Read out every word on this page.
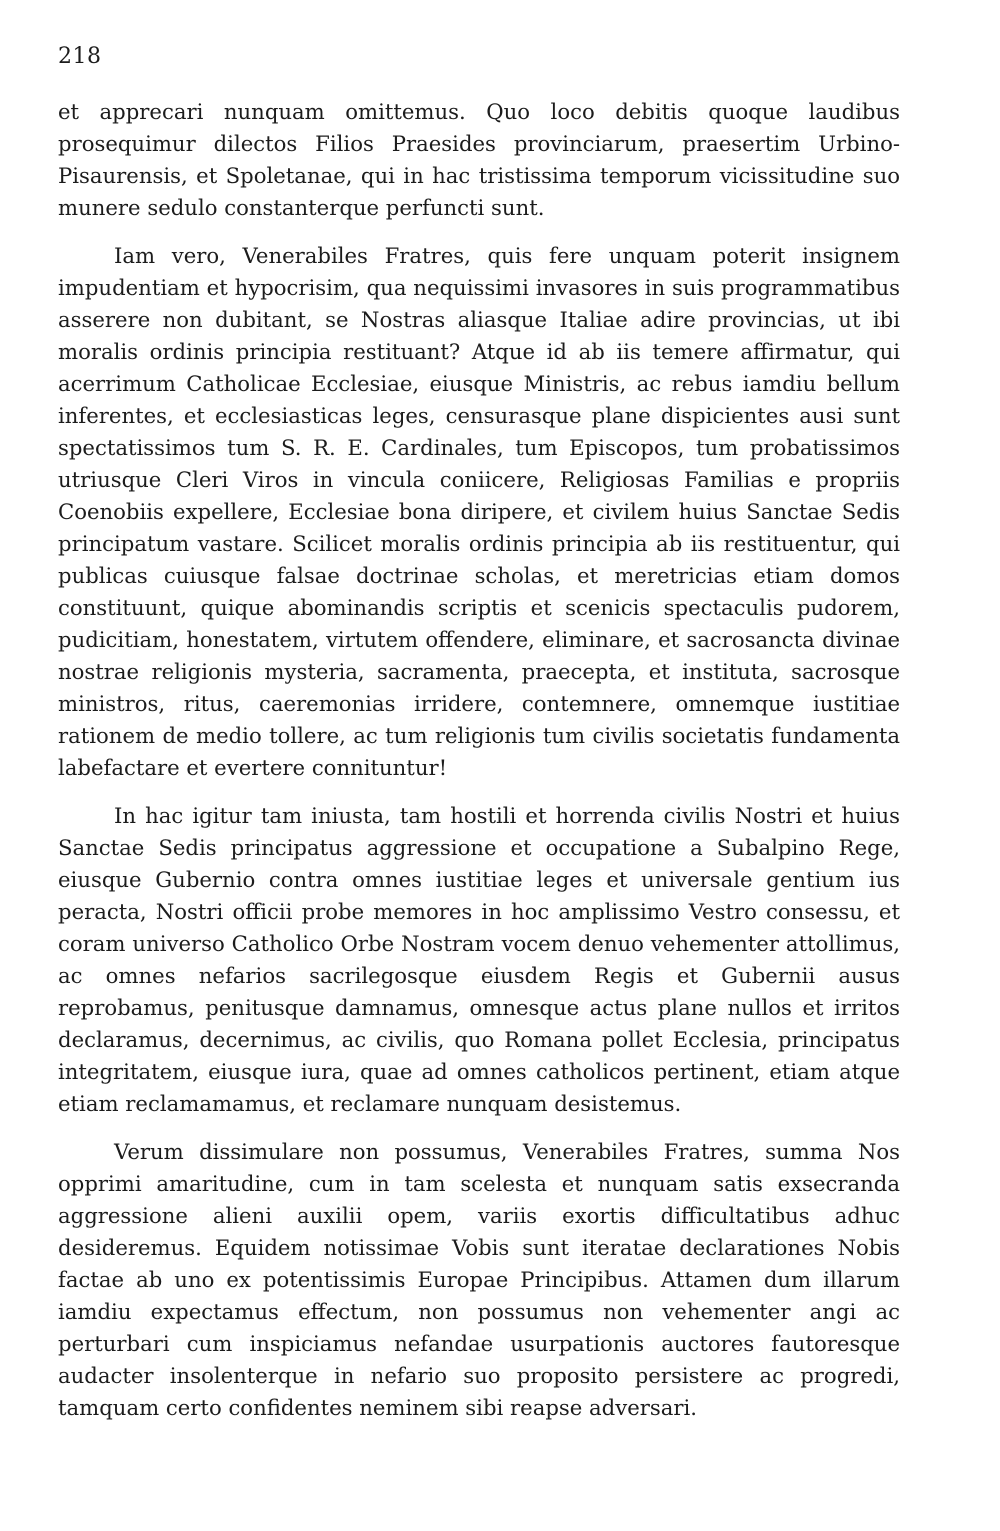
218

et apprecari nunquam omittemus. Quo loco debitis quoque laudibus prosequimur dilectos Filios Praesides provinciarum, praesertim Urbino-Pisaurensis, et Spoletanae, qui in hac tristissima temporum vicissitudine suo munere sedulo constanterque perfuncti sunt.

Iam vero, Venerabiles Fratres, quis fere unquam poterit insignem impudentiam et hypocrisim, qua nequissimi invasores in suis programmatibus asserere non dubitant, se Nostras aliasque Italiae adire provincias, ut ibi moralis ordinis principia restituant? Atque id ab iis temere affirmatur, qui acerrimum Catholicae Ecclesiae, eiusque Ministris, ac rebus iamdiu bellum inferentes, et ecclesiasticas leges, censurasque plane dispicientes ausi sunt spectatissimos tum S. R. E. Cardinales, tum Episcopos, tum probatissimos utriusque Cleri Viros in vincula coniicere, Religiosas Familias e propriis Coenobiis expellere, Ecclesiae bona diripere, et civilem huius Sanctae Sedis principatum vastare. Scilicet moralis ordinis principia ab iis restituentur, qui publicas cuiusque falsae doctrinae scholas, et meretricias etiam domos constituunt, quique abominandis scriptis et scenicis spectaculis pudorem, pudicitiam, honestatem, virtutem offendere, eliminare, et sacrosancta divinae nostrae religionis mysteria, sacramenta, praecepta, et instituta, sacrosque ministros, ritus, caeremonias irridere, contemnere, omnemque iustitiae rationem de medio tollere, ac tum religionis tum civilis societatis fundamenta labefactare et evertere connituntur!

In hac igitur tam iniusta, tam hostili et horrenda civilis Nostri et huius Sanctae Sedis principatus aggressione et occupatione a Subalpino Rege, eiusque Gubernio contra omnes iustitiae leges et universale gentium ius peracta, Nostri officii probe memores in hoc amplissimo Vestro consessu, et coram universo Catholico Orbe Nostram vocem denuo vehementer attollimus, ac omnes nefarios sacrilegosque eiusdem Regis et Gubernii ausus reprobamus, penitusque damnamus, omnesque actus plane nullos et irritos declaramus, decernimus, ac civilis, quo Romana pollet Ecclesia, principatus integritatem, eiusque iura, quae ad omnes catholicos pertinent, etiam atque etiam reclamamamus, et reclamare nunquam desistemus.

Verum dissimulare non possumus, Venerabiles Fratres, summa Nos opprimi amaritudine, cum in tam scelesta et nunquam satis exsecranda aggressione alieni auxilii opem, variis exortis difficultatibus adhuc desideremus. Equidem notissimae Vobis sunt iteratae declarationes Nobis factae ab uno ex potentissimis Europae Principibus. Attamen dum illarum iamdiu expectamus effectum, non possumus non vehementer angi ac perturbari cum inspiciamus nefandae usurpationis auctores fautoresque audacter insolenterque in nefario suo proposito persistere ac progredi, tamquam certo confidentes neminem sibi reapse adversari.
